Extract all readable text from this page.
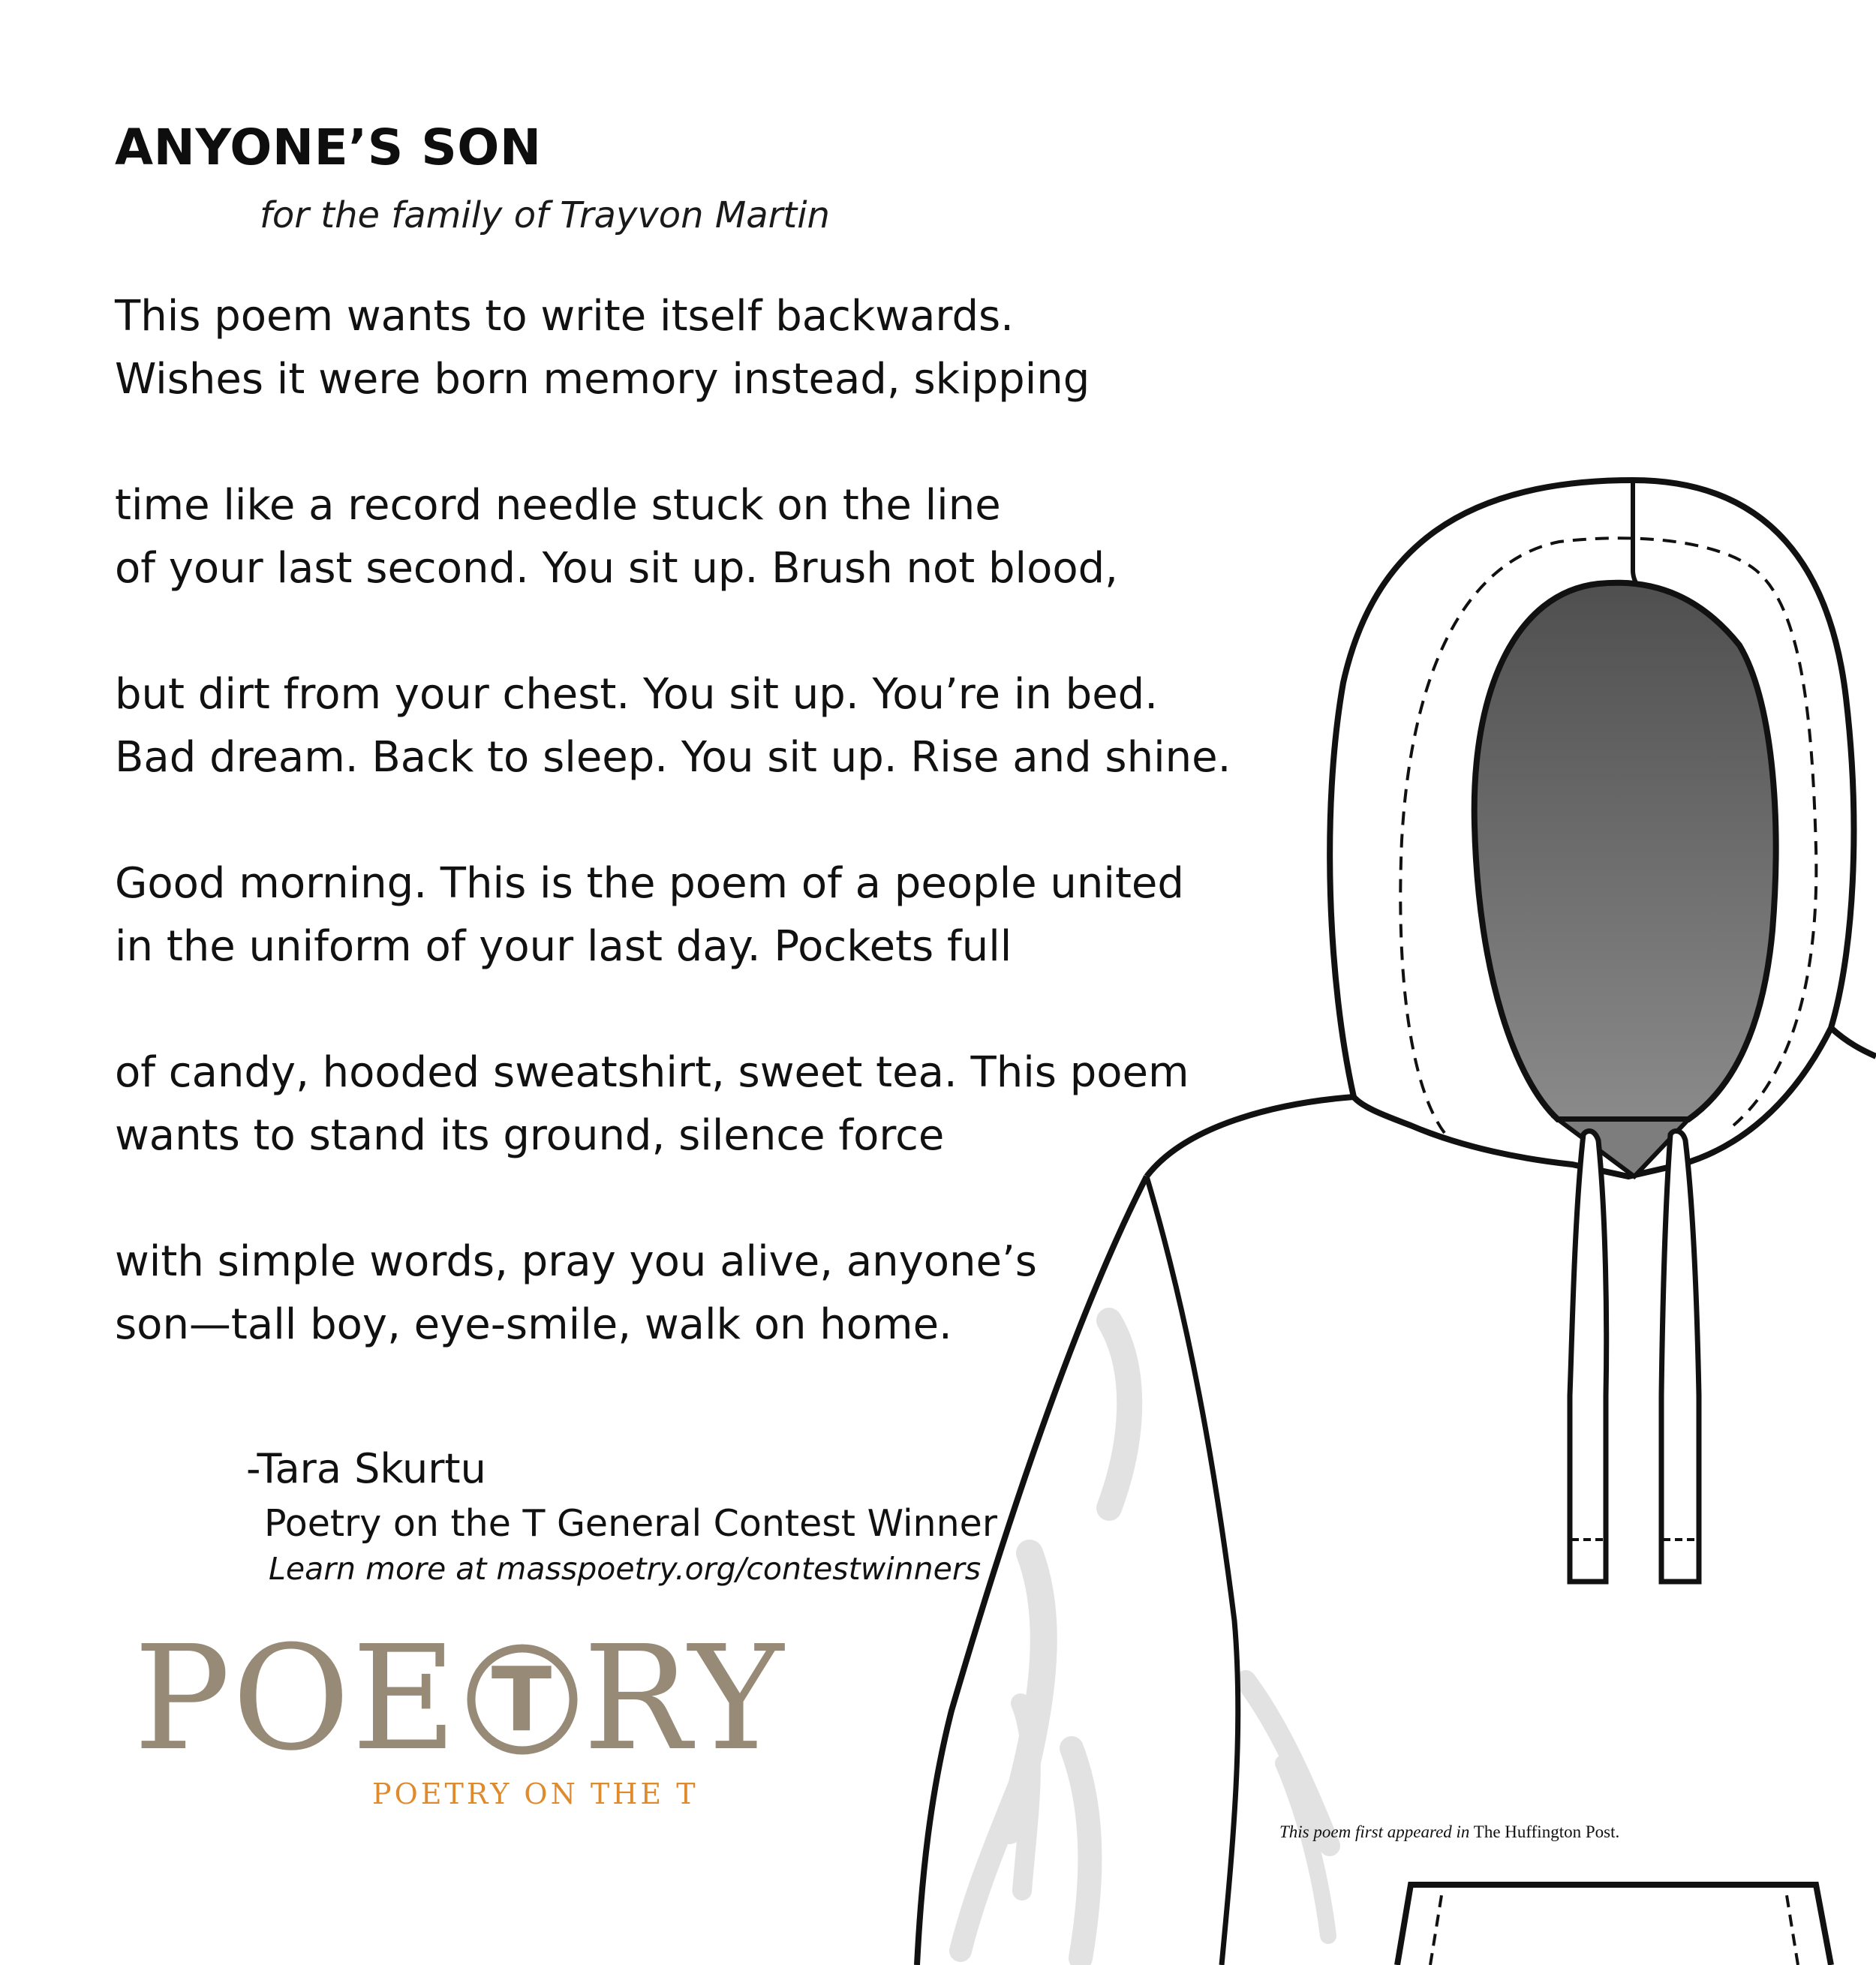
ANYONE’S SON

for the family of Trayvon Martin

This poem wants to write itself backwards.
Wishes it were born memory instead, skipping
time like a record needle stuck on the line
of your last second. You sit up. Brush not blood,
but dirt from your chest. You sit up. You’re in bed.
Bad dream. Back to sleep. You sit up. Rise and shine.
Good morning. This is the poem of a people united
in the uniform of your last day. Pockets full
of candy, hooded sweatshirt, sweet tea. This poem
wants to stand its ground, silence force
with simple words, pray you alive, anyone’s
son—tall boy, eye-smile, walk on home.

-Tara Skurtu

Poetry on the T General Contest Winner

Learn more at masspoetry.org/contestwinners

POE T RY
POETRY ON THE T

This poem first appeared in The Huffington Post.
